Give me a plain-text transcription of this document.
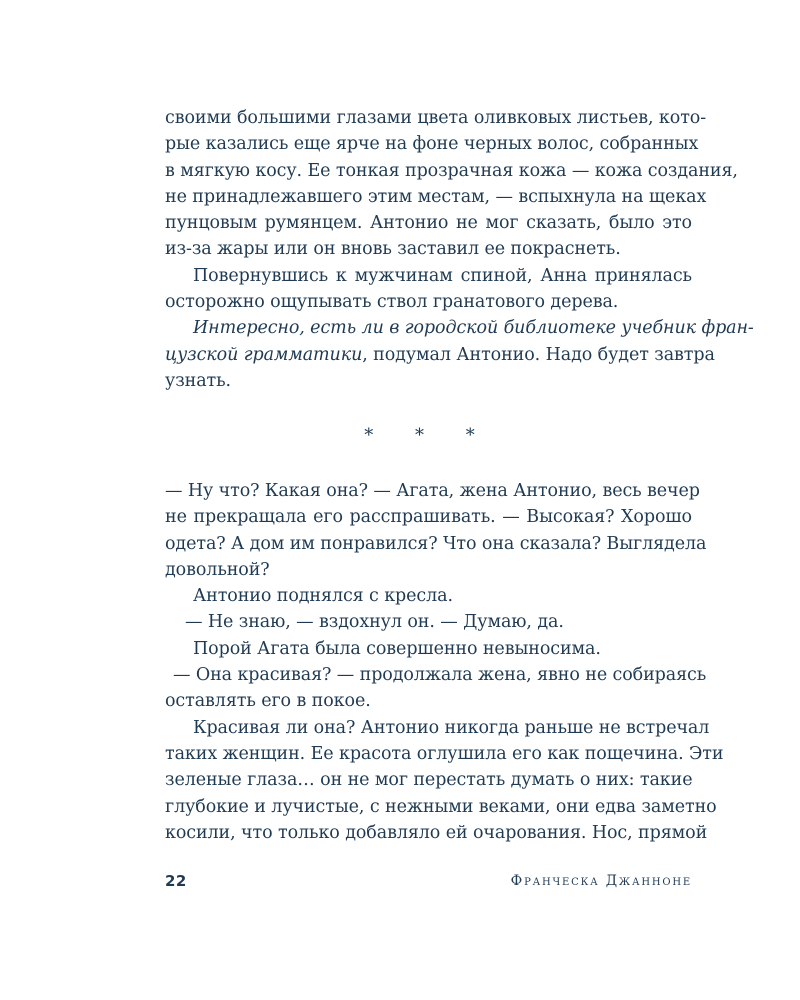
своими большими глазами цвета оливковых листьев, кото-
рые казались еще ярче на фоне черных волос, собранных
в мягкую косу. Ее тонкая прозрачная кожа — кожа создания,
не принадлежавшего этим местам, — вспыхнула на щеках
пунцовым румянцем. Антонио не мог сказать, было это
из-за жары или он вновь заставил ее покраснеть.
Повернувшись к мужчинам спиной, Анна принялась
осторожно ощупывать ствол гранатового дерева.
Интересно, есть ли в городской библиотеке учебник фран-
цузской грамматики, подумал Антонио. Надо будет завтра
узнать.
* * *
— Ну что? Какая она? — Агата, жена Антонио, весь вечер
не прекращала его расспрашивать. — Высокая? Хорошо
одета? А дом им понравился? Что она сказала? Выглядела
довольной?
Антонио поднялся с кресла.
— Не знаю, — вздохнул он. — Думаю, да.
Порой Агата была совершенно невыносима.
— Она красивая? — продолжала жена, явно не собираясь
оставлять его в покое.
Красивая ли она? Антонио никогда раньше не встречал
таких женщин. Ее красота оглушила его как пощечина. Эти
зеленые глаза… он не мог перестать думать о них: такие
глубокие и лучистые, с нежными веками, они едва заметно
косили, что только добавляло ей очарования. Нос, прямой
22	Франческа Джанноне
